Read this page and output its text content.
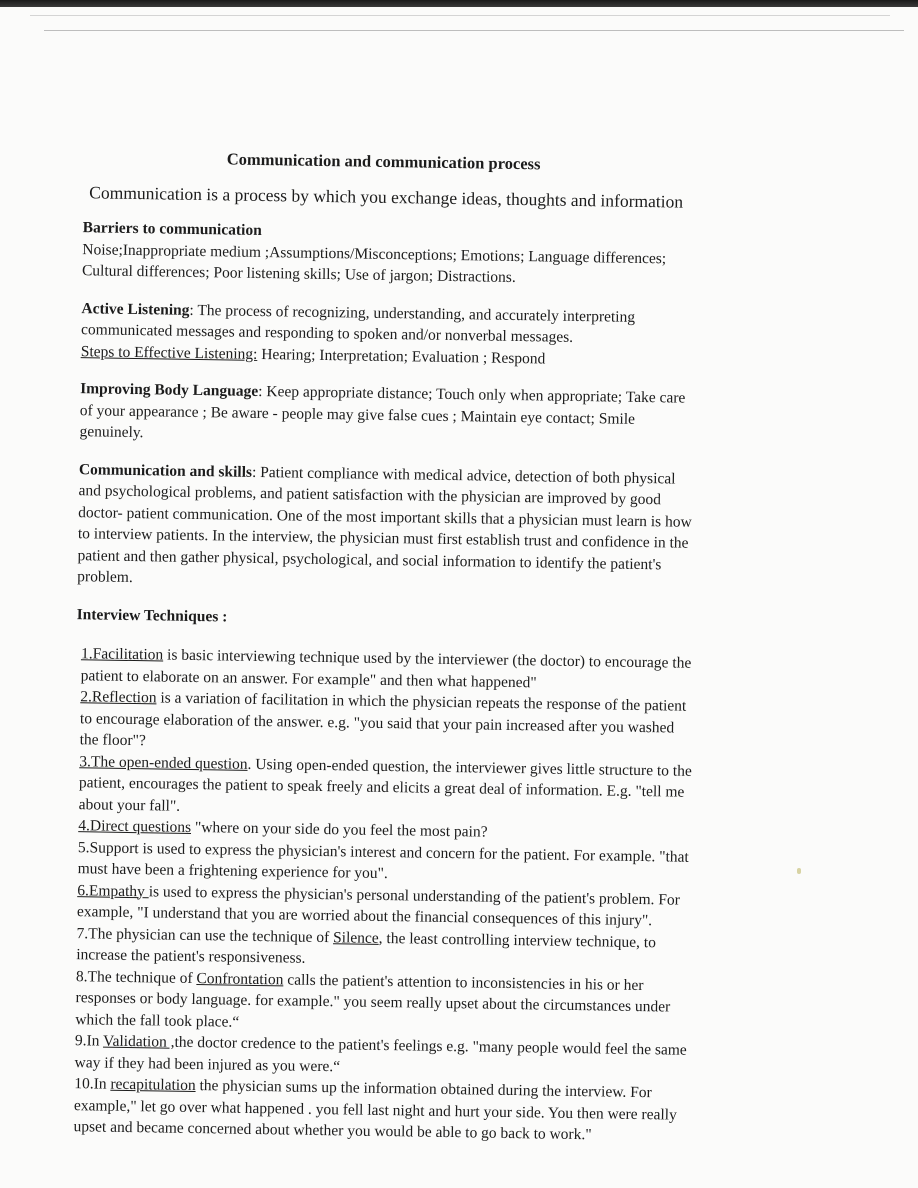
Communication and communication process

Communication is a process by which you exchange ideas, thoughts and information

Barriers to communication
Noise;Inappropriate medium ;Assumptions/Misconceptions; Emotions; Language differences; Cultural differences; Poor listening skills; Use of jargon; Distractions.
Active Listening: The process of recognizing, understanding, and accurately interpreting communicated messages and responding to spoken and/or nonverbal messages.
Steps to Effective Listening: Hearing; Interpretation; Evaluation ; Respond
Improving Body Language: Keep appropriate distance; Touch only when appropriate; Take care of your appearance ; Be aware - people may give false cues ; Maintain eye contact; Smile genuinely.
Communication and skills: Patient compliance with medical advice, detection of both physical and psychological problems, and patient satisfaction with the physician are improved by good doctor- patient communication. One of the most important skills that a physician must learn is how to interview patients. In the interview, the physician must first establish trust and confidence in the patient and then gather physical, psychological, and social information to identify the patient's problem.
Interview Techniques :

1.Facilitation is basic interviewing technique used by the interviewer (the doctor) to encourage the patient to elaborate on an answer. For example" and then what happened"

2.Reflection is a variation of facilitation in which the physician repeats the response of the patient to encourage elaboration of the answer. e.g. "you said that your pain increased after you washed the floor"?

3.The open-ended question. Using open-ended question, the interviewer gives little structure to the patient, encourages the patient to speak freely and elicits a great deal of information. E.g. "tell me about your fall".

4.Direct questions "where on your side do you feel the most pain?

5.Support is used to express the physician's interest and concern for the patient. For example. "that must have been a frightening experience for you".

6.Empathy is used to express the physician's personal understanding of the patient's problem. For example, "I understand that you are worried about the financial consequences of this injury".

7.The physician can use the technique of Silence, the least controlling interview technique, to increase the patient's responsiveness.

8.The technique of Confrontation calls the patient's attention to inconsistencies in his or her responses or body language. for example." you seem really upset about the circumstances under which the fall took place.“

9.In Validation ,the doctor credence to the patient's feelings e.g. "many people would feel the same way if they had been injured as you were.“

10.In recapitulation the physician sums up the information obtained during the interview. For example," let go over what happened . you fell last night and hurt your side. You then were really upset and became concerned about whether you would be able to go back to work."
